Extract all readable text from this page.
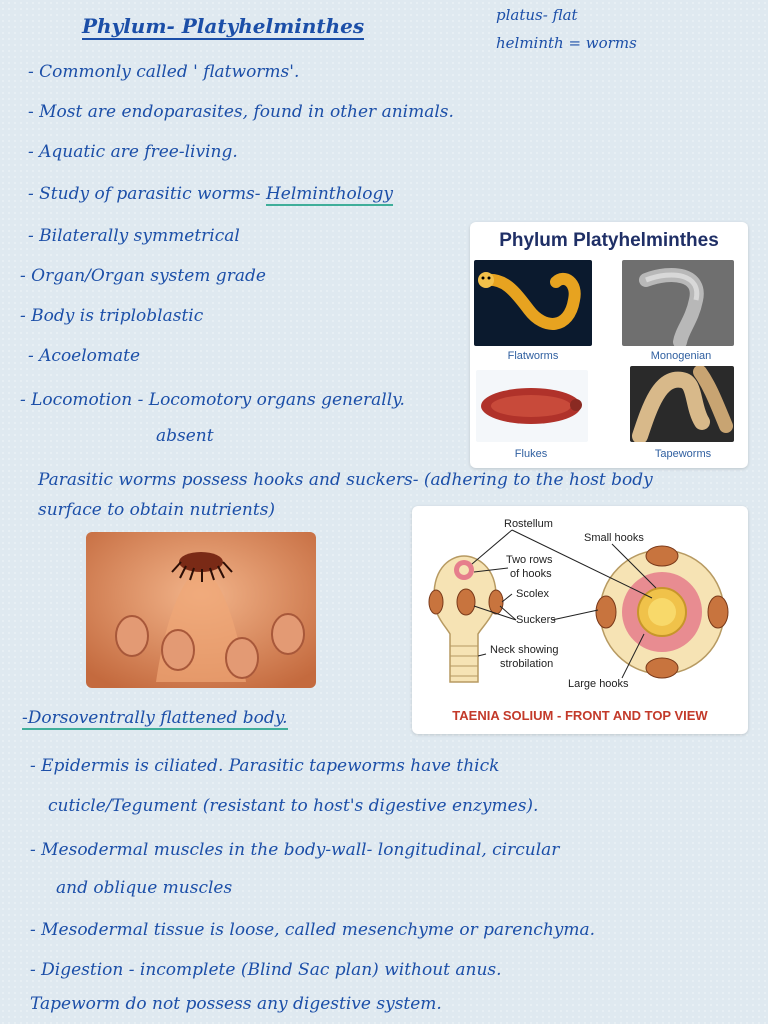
Phylum- Platyhelminthes	platus- flat
helminth = worms
- Commonly called ' flatworms'.
- Most are endoparasites, found in other animals.
- Aquatic are free-living.
- Study of parasitic worms- Helminthology
- Bilaterally symmetrical
- Organ/Organ system grade
- Body is triploblastic
- Acoelomate
- Locomotion - Locomotory organs generally.
absent
Phylum Platyhelminthes
Flatworms	Monogenian
Flukes	Tapeworms
Parasitic worms possess hooks and suckers- (adhering to the host body
surface to obtain nutrients)
Rostellum
Small hooks
Two rows
of hooks
Scolex
Suckers
Neck showing
strobilation
Large hooks
TAENIA SOLIUM - FRONT AND TOP VIEW
-Dorsoventrally flattened body.
- Epidermis is ciliated. Parasitic tapeworms have thick
cuticle/Tegument (resistant to host's digestive enzymes).
- Mesodermal muscles in the body-wall- longitudinal, circular
and oblique muscles
- Mesodermal tissue is loose, called mesenchyme or parenchyma.
- Digestion - incomplete (Blind Sac plan) without anus.
Tapeworm do not possess any digestive system.
